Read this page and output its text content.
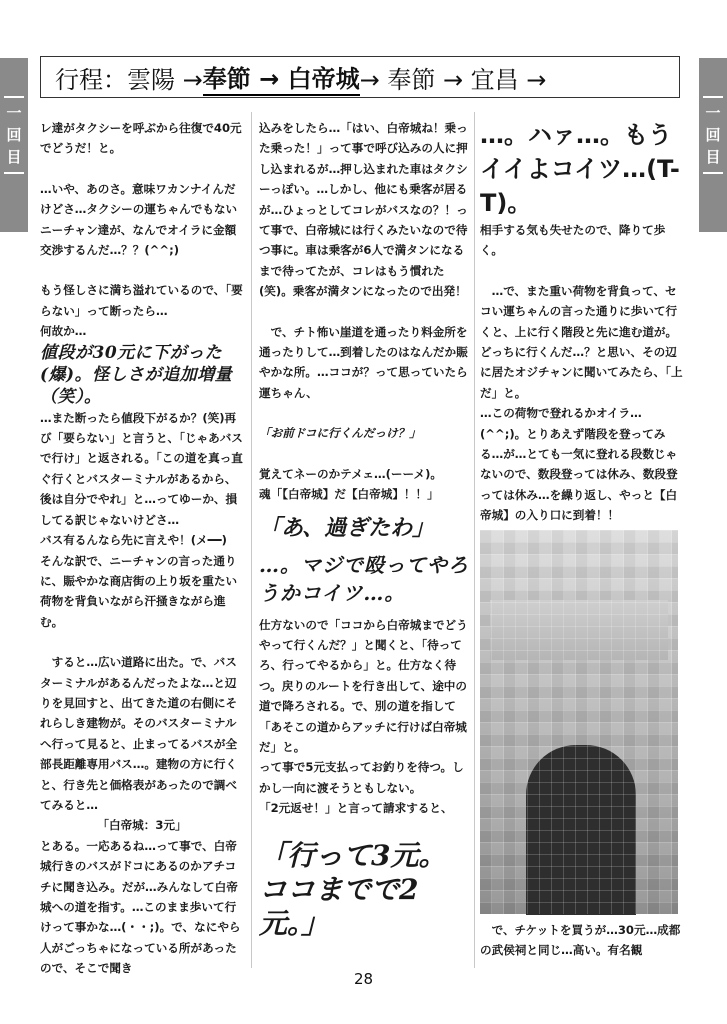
一
回
目
一
回
目
行程：雲陽 → 奉節 → 白帝城 → 奉節 → 宜昌 →

レ達がタクシーを呼ぶから往復で40元でどうだ！と。

…いや、あのさ。意味ワカンナイんだけどさ…タクシーの運ちゃんでもないニーチャン達が、なんでオイラに金額交渉するんだ…？？(^^;)

もう怪しさに満ち溢れているので、「要らない」って断ったら…
何故か…

値段が30元に下がった(爆)。怪しさが追加増量（笑）。

…また断ったら値段下がるか？(笑)再び「要らない」と言うと、「じゃあバスで行け」と返される。「この道を真っ直ぐ行くとバスターミナルがあるから、後は自分でやれ」と…ってゆーか、損してる訳じゃないけどさ…
バス有るんなら先に言えや！(メ━━)
そんな訳で、ニーチャンの言った通りに、賑やかな商店街の上り坂を重たい荷物を背負いながら汗掻きながら進む。

　すると…広い道路に出た。で、バスターミナルがあるんだったよな…と辺りを見回すと、出てきた道の右側にそれらしき建物が。そのバスターミナルへ行って見ると、止まってるバスが全部長距離専用バス…。建物の方に行くと、行き先と価格表があったので調べてみると…

「白帝城：3元」

とある。一応あるね…って事で、白帝城行きのバスがドコにあるのかアチコチに聞き込み。だが…みんなして白帝城への道を指す。…このまま歩いて行けって事かな…(・・;)。で、なにやら人がごっちゃになっている所があったので、そこで聞き

込みをしたら…「はい、白帝城ね！乗った乗った！」って事で呼び込みの人に押し込まれるが…押し込まれた車はタクシーっぽい。…しかし、他にも乗客が居るが…ひょっとしてコレがバスなの？！って事で、白帝城には行くみたいなので待つ事に。車は乗客が6人で満タンになるまで待ってたが、コレはもう慣れた(笑)。乗客が満タンになったので出発！

　で、チト怖い崖道を通ったり料金所を通ったりして…到着したのはなんだか賑やかな所。…ココが？って思っていたら運ちゃん、

「お前ドコに行くんだっけ？」

覚えてネーのかテメェ…(ーーメ)。
魂「【白帝城】だ【白帝城】！！」

「あ、過ぎたわ」

…。マジで殴ってやろうかコイツ…。

仕方ないので「ココから白帝城までどうやって行くんだ？」と聞くと、「待ってろ、行ってやるから」と。仕方なく待つ。戻りのルートを行き出して、途中の道で降ろされる。で、別の道を指して「あそこの道からアッチに行けば白帝城だ」と。
って事で5元支払ってお釣りを待つ。しかし一向に渡そうともしない。
「2元返せ！」と言って請求すると、

「行って3元。ココまでで2元。」

…。ハァ…。もうイイよコイツ…(T-T)。

相手する気も失せたので、降りて歩く。

　…で、また重い荷物を背負って、セコい運ちゃんの言った通りに歩いて行くと、上に行く階段と先に進む道が。どっちに行くんだ…？と思い、その辺に居たオジチャンに聞いてみたら、「上だ」と。
…この荷物で登れるかオイラ…(^^;)。とりあえず階段を登ってみる…が…とても一気に登れる段数じゃないので、数段登っては休み、数段登っては休み…を繰り返し、やっと【白帝城】の入り口に到着！！

　で、チケットを買うが…30元…成都の武侯祠と同じ…高い。有名観

28
